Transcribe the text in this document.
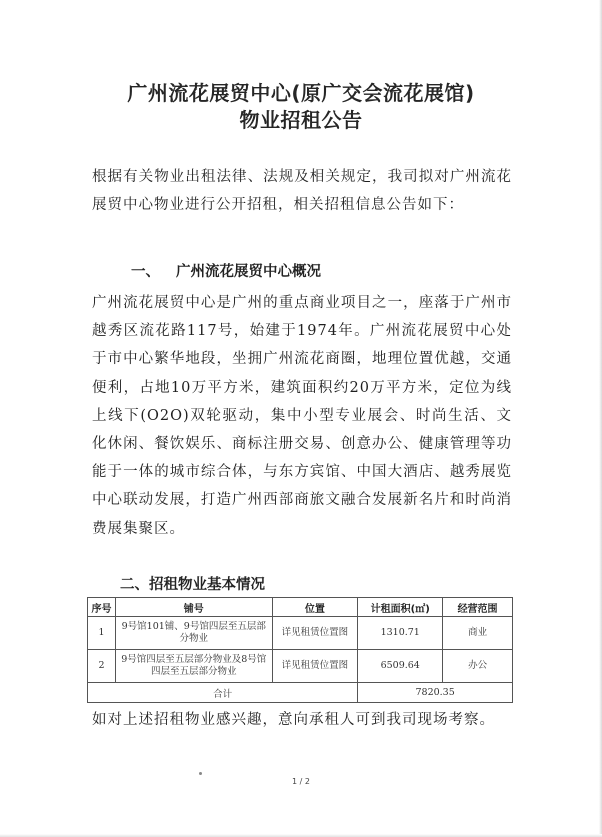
广州流花展贸中心(原广交会流花展馆)
物业招租公告
根据有关物业出租法律、法规及相关规定，我司拟对广州流花展贸中心物业进行公开招租，相关招租信息公告如下：
一、 广州流花展贸中心概况
广州流花展贸中心是广州的重点商业项目之一，座落于广州市越秀区流花路117号，始建于1974年。广州流花展贸中心处于市中心繁华地段，坐拥广州流花商圈，地理位置优越，交通便利，占地10万平方米，建筑面积约20万平方米，定位为线上线下(O2O)双轮驱动，集中小型专业展会、时尚生活、文化休闲、餐饮娱乐、商标注册交易、创意办公、健康管理等功能于一体的城市综合体，与东方宾馆、中国大酒店、越秀展览中心联动发展，打造广州西部商旅文融合发展新名片和时尚消费展集聚区。
二、招租物业基本情况
序号	铺号	位置	计租面积(㎡)	经营范围
1	9号馆101铺、9号馆四层至五层部分物业	详见租赁位置图	1310.71	商业
2	9号馆四层至五层部分物业及8号馆四层至五层部分物业	详见租赁位置图	6509.64	办公
合计			7820.35	
如对上述招租物业感兴趣，意向承租人可到我司现场考察。
1 / 2
